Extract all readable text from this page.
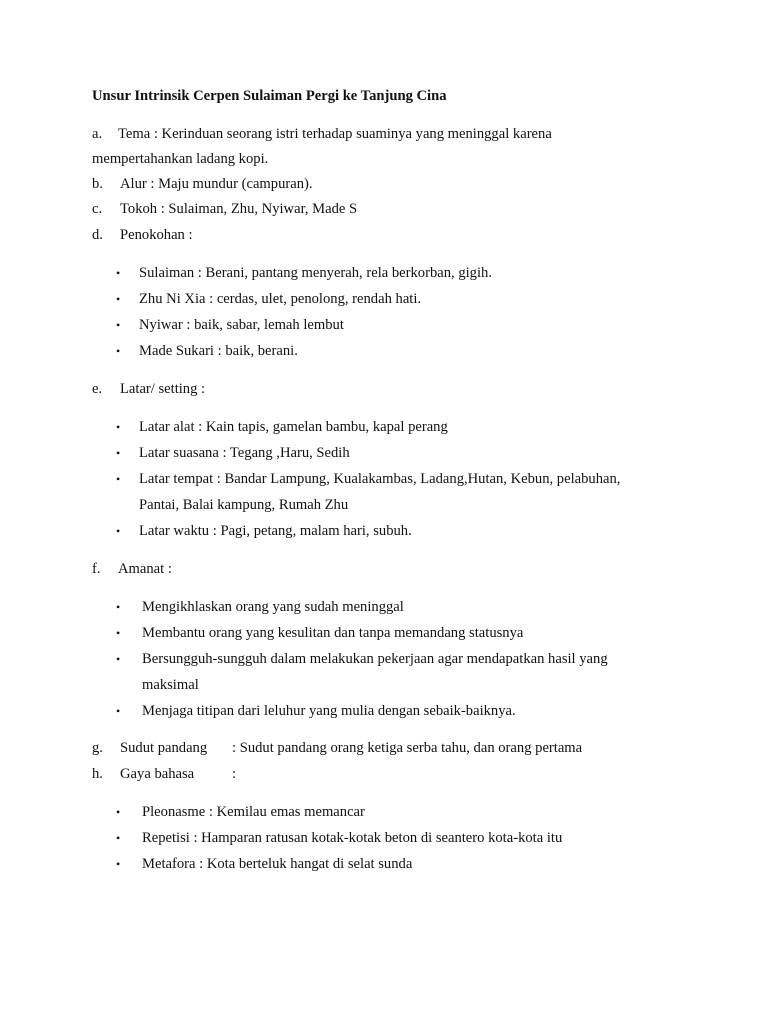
Unsur Intrinsik Cerpen Sulaiman Pergi ke Tanjung Cina
a. Tema : Kerinduan seorang istri terhadap suaminya yang meninggal karena
mempertahankan ladang kopi.
b. Alur : Maju mundur (campuran).
c. Tokoh : Sulaiman, Zhu, Nyiwar, Made S
d. Penokohan :
• Sulaiman : Berani, pantang menyerah, rela berkorban, gigih.
• Zhu Ni Xia : cerdas, ulet, penolong, rendah hati.
• Nyiwar : baik, sabar, lemah lembut
• Made Sukari : baik, berani.
e. Latar/ setting :
• Latar alat : Kain tapis, gamelan bambu, kapal perang
• Latar suasana : Tegang ,Haru, Sedih
• Latar tempat : Bandar Lampung, Kualakambas, Ladang,Hutan, Kebun, pelabuhan,
Pantai, Balai kampung, Rumah Zhu
• Latar waktu : Pagi, petang, malam hari, subuh.
f. Amanat :
• Mengikhlaskan orang yang sudah meninggal
• Membantu orang yang kesulitan dan tanpa memandang statusnya
• Bersungguh-sungguh dalam melakukan pekerjaan agar mendapatkan hasil yang
maksimal
• Menjaga titipan dari leluhur yang mulia dengan sebaik-baiknya.
g. Sudut pandang : Sudut pandang orang ketiga serba tahu, dan orang pertama
h. Gaya bahasa	:
• Pleonasme : Kemilau emas memancar
• Repetisi : Hamparan ratusan kotak-kotak beton di seantero kota-kota itu
• Metafora : Kota berteluk hangat di selat sunda
